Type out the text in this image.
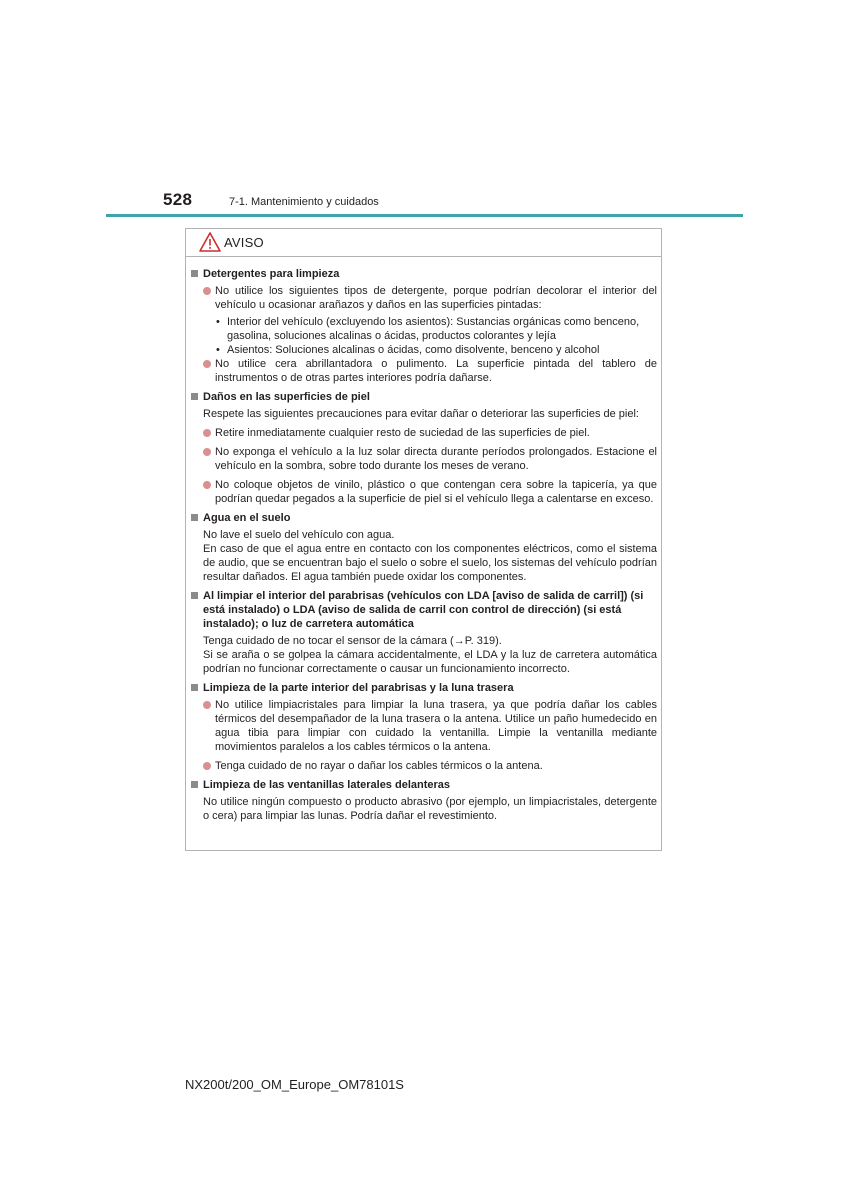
528	7-1. Mantenimiento y cuidados
AVISO
Detergentes para limpieza
No utilice los siguientes tipos de detergente, porque podrían decolorar el interior del vehículo u ocasionar arañazos y daños en las superficies pintadas:
• Interior del vehículo (excluyendo los asientos): Sustancias orgánicas como benceno, gasolina, soluciones alcalinas o ácidas, productos colorantes y lejía
• Asientos: Soluciones alcalinas o ácidas, como disolvente, benceno y alcohol
No utilice cera abrillantadora o pulimento. La superficie pintada del tablero de instrumentos o de otras partes interiores podría dañarse.
Daños en las superficies de piel
Respete las siguientes precauciones para evitar dañar o deteriorar las superficies de piel:
Retire inmediatamente cualquier resto de suciedad de las superficies de piel.
No exponga el vehículo a la luz solar directa durante períodos prolongados. Estacione el vehículo en la sombra, sobre todo durante los meses de verano.
No coloque objetos de vinilo, plástico o que contengan cera sobre la tapicería, ya que podrían quedar pegados a la superficie de piel si el vehículo llega a calentarse en exceso.
Agua en el suelo
No lave el suelo del vehículo con agua.
En caso de que el agua entre en contacto con los componentes eléctricos, como el sistema de audio, que se encuentran bajo el suelo o sobre el suelo, los sistemas del vehículo podrían resultar dañados. El agua también puede oxidar los componentes.
Al limpiar el interior del parabrisas (vehículos con LDA [aviso de salida de carril]) (si está instalado) o LDA (aviso de salida de carril con control de dirección) (si está instalado); o luz de carretera automática
Tenga cuidado de no tocar el sensor de la cámara (→P. 319).
Si se araña o se golpea la cámara accidentalmente, el LDA y la luz de carretera automática podrían no funcionar correctamente o causar un funcionamiento incorrecto.
Limpieza de la parte interior del parabrisas y la luna trasera
No utilice limpiacristales para limpiar la luna trasera, ya que podría dañar los cables térmicos del desempañador de la luna trasera o la antena. Utilice un paño humedecido en agua tibia para limpiar con cuidado la ventanilla. Limpie la ventanilla mediante movimientos paralelos a los cables térmicos o la antena.
Tenga cuidado de no rayar o dañar los cables térmicos o la antena.
Limpieza de las ventanillas laterales delanteras
No utilice ningún compuesto o producto abrasivo (por ejemplo, un limpiacristales, detergente o cera) para limpiar las lunas. Podría dañar el revestimiento.
NX200t/200_OM_Europe_OM78101S
